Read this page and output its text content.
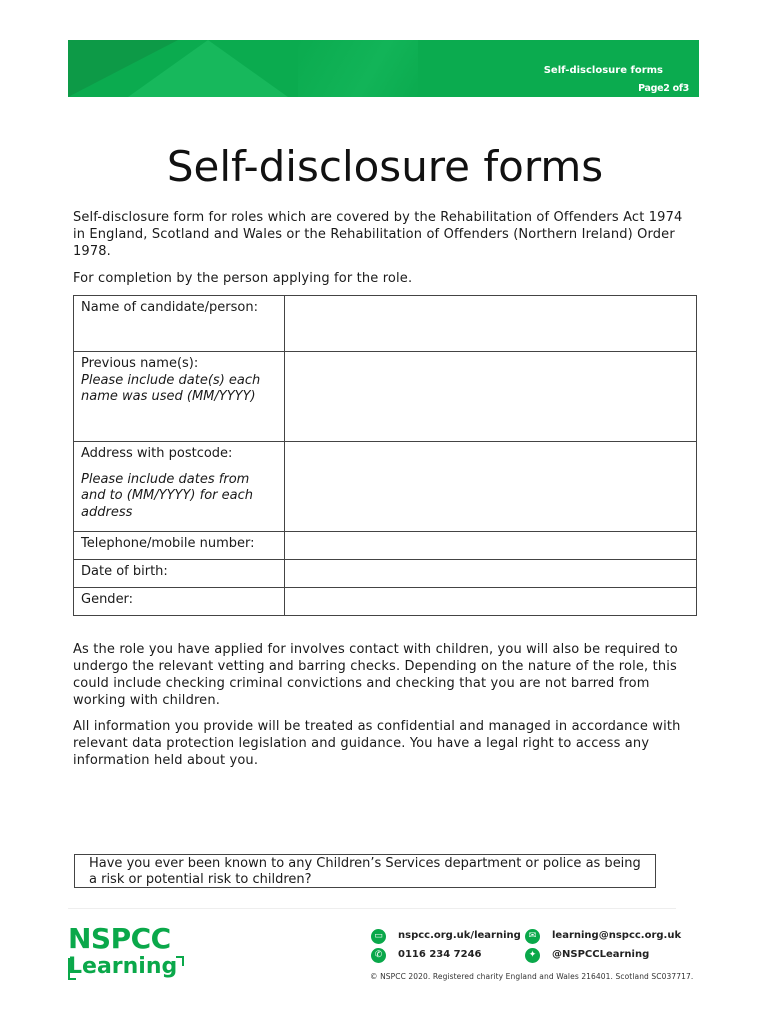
Self-disclosure forms
Page2 of3
Self-disclosure forms
Self-disclosure form for roles which are covered by the Rehabilitation of Offenders Act 1974 in England, Scotland and Wales or the Rehabilitation of Offenders (Northern Ireland) Order 1978.
For completion by the person applying for the role.
Name of candidate/person:	
Previous name(s):
Please include date(s) each name was used (MM/YYYY)	

Address with postcode:
Please include dates from and to (MM/YYYY) for each address	

Telephone/mobile number:	
Date of birth:	
Gender:	
As the role you have applied for involves contact with children, you will also be required to undergo the relevant vetting and barring checks. Depending on the nature of the role, this could include checking criminal convictions and checking that you are not barred from working with children.
All information you provide will be treated as confidential and managed in accordance with relevant data protection legislation and guidance. You have a legal right to access any information held about you.
Have you ever been known to any Children’s Services department or police as being a risk or potential risk to children?
NSPCC
Learning
▭	nspcc.org.uk/learning ✉	learning@nspcc.org.uk
✆	0116 234 7246	✦	@NSPCCLearning
© NSPCC 2020. Registered charity England and Wales 216401. Scotland SC037717.
